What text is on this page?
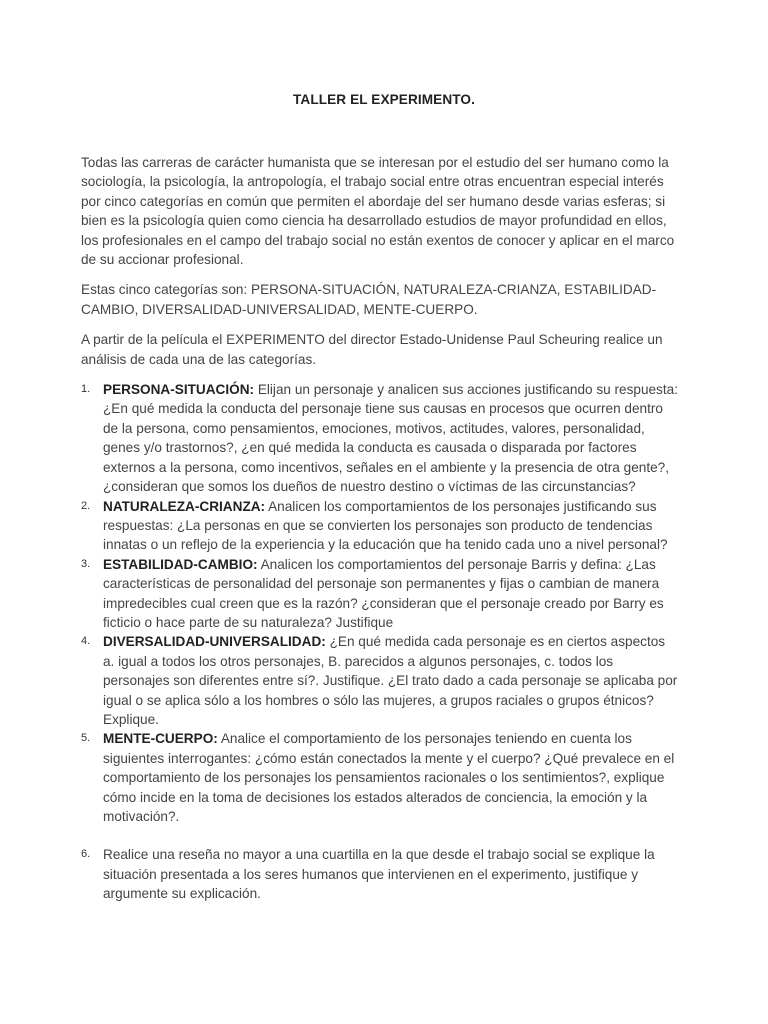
TALLER EL EXPERIMENTO.

Todas las carreras de carácter humanista que se interesan por el estudio del ser humano como la sociología, la psicología, la antropología, el trabajo social entre otras encuentran especial interés por cinco categorías en común que permiten el abordaje del ser humano desde varias esferas; si bien es la psicología quien como ciencia ha desarrollado estudios de mayor profundidad en ellos, los profesionales en el campo del trabajo social no están exentos de conocer y aplicar en el marco de su accionar profesional.

Estas cinco categorías son: PERSONA-SITUACIÓN, NATURALEZA-CRIANZA, ESTABILIDAD-CAMBIO, DIVERSALIDAD-UNIVERSALIDAD, MENTE-CUERPO.

A partir de la película el EXPERIMENTO del director Estado-Unidense Paul Scheuring realice un análisis de cada una de las categorías.

1. PERSONA-SITUACIÓN: Elijan un personaje y analicen sus acciones justificando su respuesta: ¿En qué medida la conducta del personaje tiene sus causas en procesos que ocurren dentro de la persona, como pensamientos, emociones, motivos, actitudes, valores, personalidad, genes y/o trastornos?, ¿en qué medida la conducta es causada o disparada por factores externos a la persona, como incentivos, señales en el ambiente y la presencia de otra gente?, ¿consideran que somos los dueños de nuestro destino o víctimas de las circunstancias?
2. NATURALEZA-CRIANZA: Analicen los comportamientos de los personajes justificando sus respuestas: ¿La personas en que se convierten los personajes son producto de tendencias innatas o un reflejo de la experiencia y la educación que ha tenido cada uno a nivel personal?
3. ESTABILIDAD-CAMBIO: Analicen los comportamientos del personaje Barris y defina: ¿Las características de personalidad del personaje son permanentes y fijas o cambian de manera impredecibles cual creen que es la razón? ¿consideran que el personaje creado por Barry es ficticio o hace parte de su naturaleza? Justifique
4. DIVERSALIDAD-UNIVERSALIDAD: ¿En qué medida cada personaje es en ciertos aspectos a. igual a todos los otros personajes, B. parecidos a algunos personajes, c. todos los personajes son diferentes entre sí?. Justifique. ¿El trato dado a cada personaje se aplicaba por igual o se aplica sólo a los hombres o sólo las mujeres, a grupos raciales o grupos étnicos? Explique.
5. MENTE-CUERPO: Analice el comportamiento de los personajes teniendo en cuenta los siguientes interrogantes: ¿cómo están conectados la mente y el cuerpo? ¿Qué prevalece en el comportamiento de los personajes los pensamientos racionales o los sentimientos?, explique cómo incide en la toma de decisiones los estados alterados de conciencia, la emoción y la motivación?.
6. Realice una reseña no mayor a una cuartilla en la que desde el trabajo social se explique la situación presentada a los seres humanos que intervienen en el experimento, justifique y argumente su explicación.
